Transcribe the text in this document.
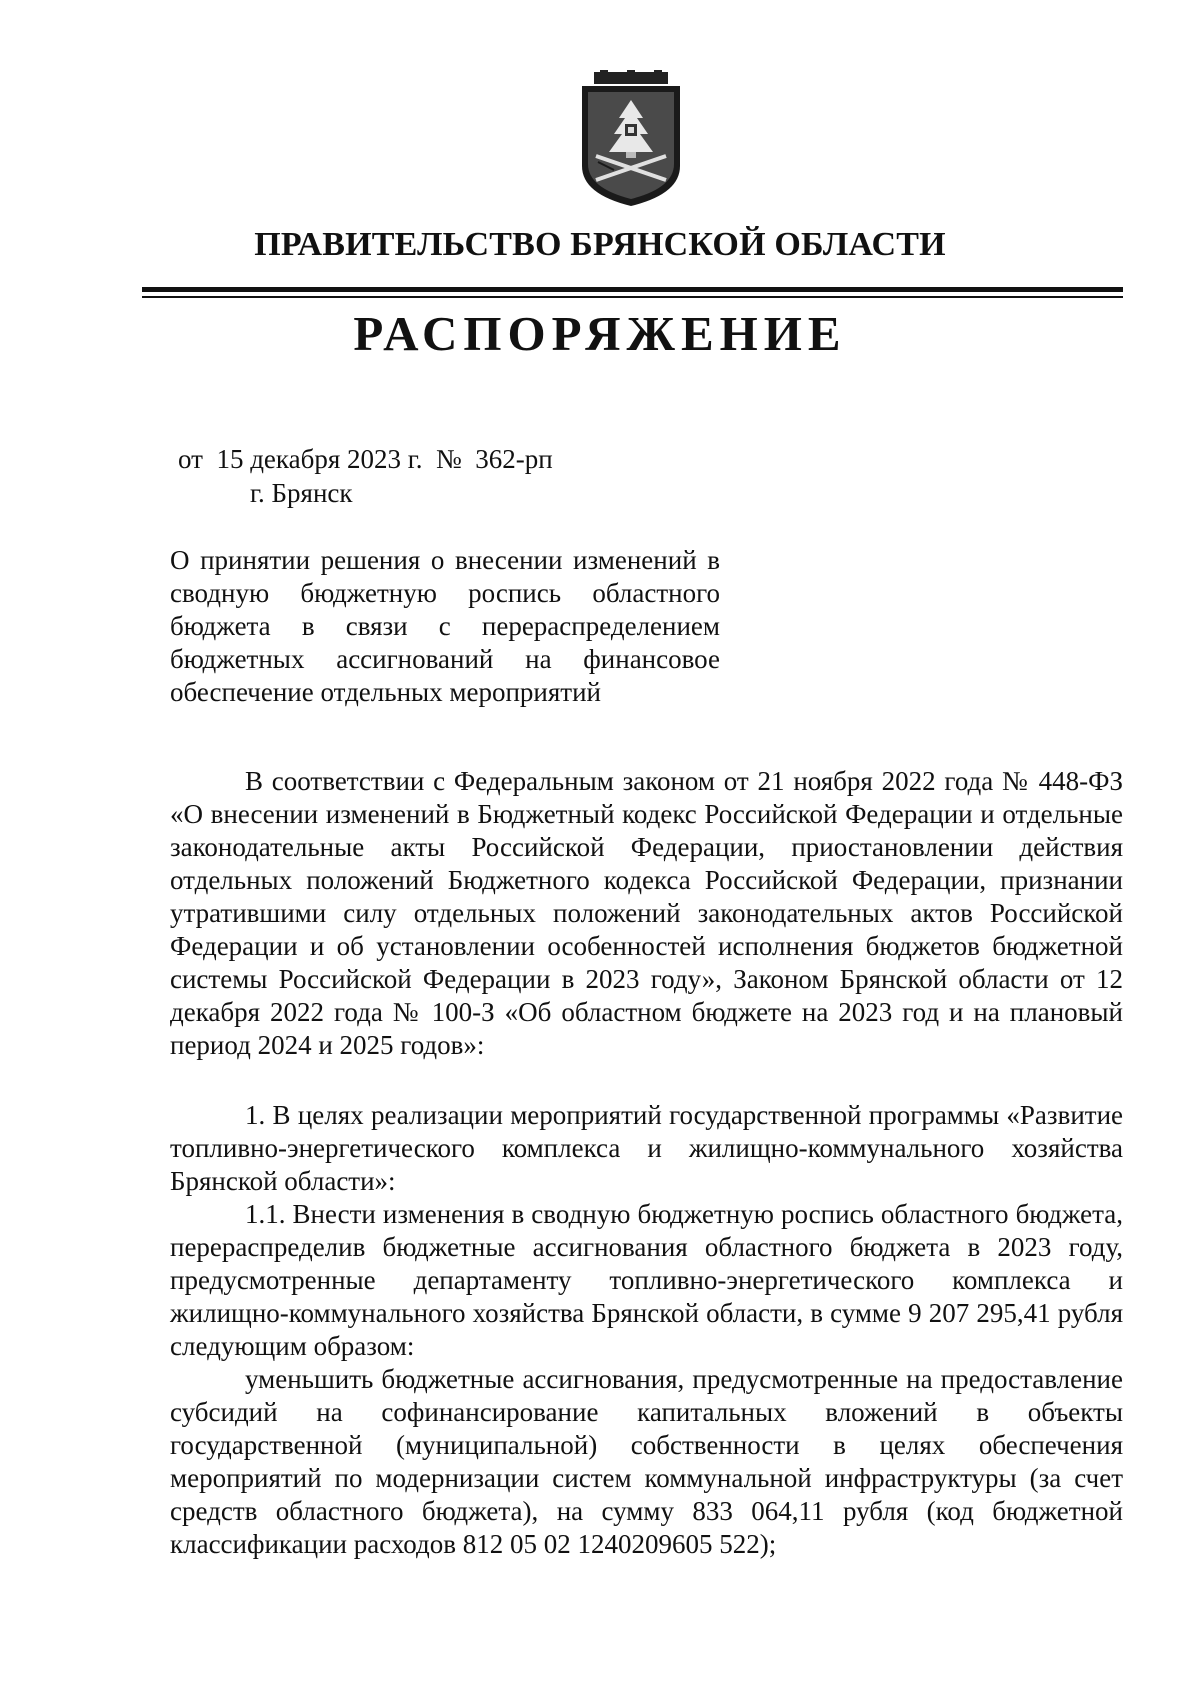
ПРАВИТЕЛЬСТВО БРЯНСКОЙ ОБЛАСТИ
РАСПОРЯЖЕНИЕ
от  15 декабря 2023 г.  №  362-рп
г. Брянск
О принятии решения о внесении изменений в сводную бюджетную роспись областного бюджета в связи с перераспределением бюджетных ассигнований на финансовое обеспечение отдельных мероприятий

В соответствии с Федеральным законом от 21 ноября 2022 года № 448-ФЗ «О внесении изменений в Бюджетный кодекс Российской Федерации и отдельные законодательные акты Российской Федерации, приостановлении действия отдельных положений Бюджетного кодекса Российской Федерации, признании утратившими силу отдельных положений законодательных актов Российской Федерации и об установлении особенностей исполнения бюджетов бюджетной системы Российской Федерации в 2023 году», Законом Брянской области от 12 декабря 2022 года № 100-З «Об областном бюджете на 2023 год и на плановый период 2024 и 2025 годов»:

1. В целях реализации мероприятий государственной программы «Развитие топливно-энергетического комплекса и жилищно-коммунального хозяйства Брянской области»:

1.1. Внести изменения в сводную бюджетную роспись областного бюджета, перераспределив бюджетные ассигнования областного бюджета в 2023 году, предусмотренные департаменту топливно-энергетического комплекса и жилищно-коммунального хозяйства Брянской области, в сумме 9 207 295,41 рубля следующим образом:

уменьшить бюджетные ассигнования, предусмотренные на предоставление субсидий на софинансирование капитальных вложений в объекты государственной (муниципальной) собственности в целях обеспечения мероприятий по модернизации систем коммунальной инфраструктуры (за счет средств областного бюджета), на сумму 833 064,11 рубля (код бюджетной классификации расходов 812 05 02 1240209605 522);
